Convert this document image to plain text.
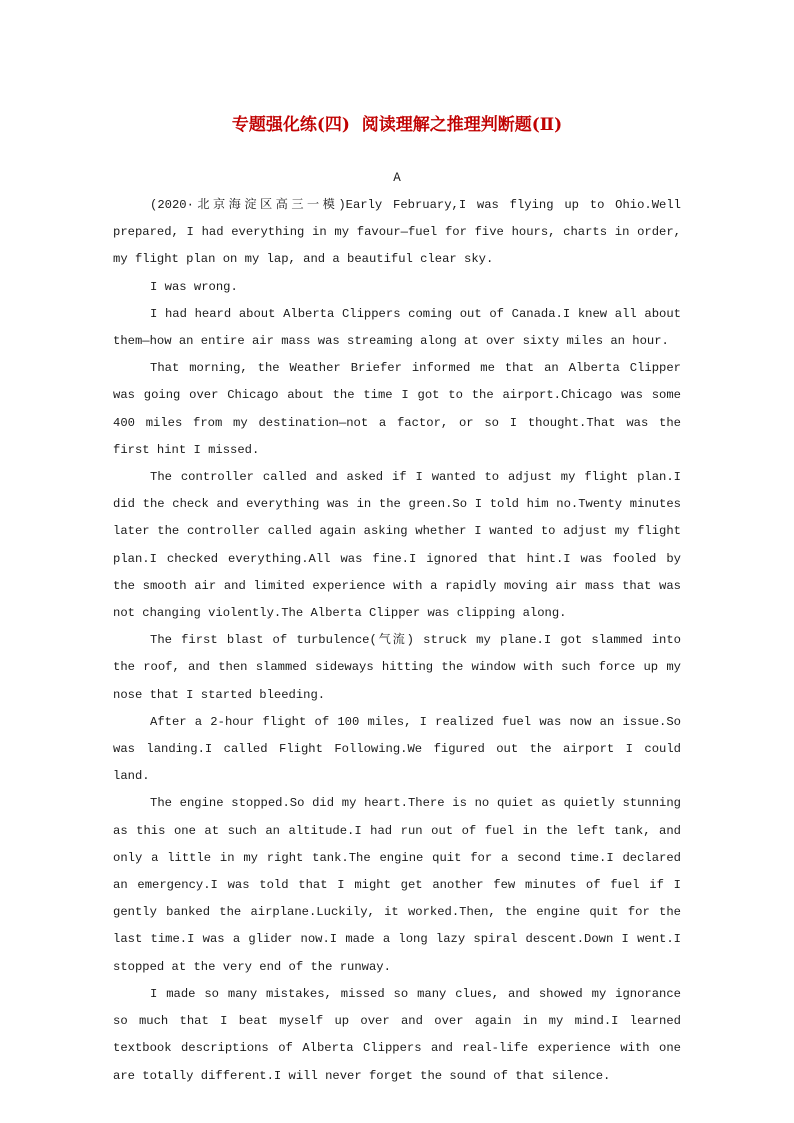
专题强化练(四)  阅读理解之推理判断题(Ⅱ)
A

(2020·北京海淀区高三一模)Early February,I was flying up to Ohio.Well prepared, I had everything in my favour—fuel for five hours, charts in order, my flight plan on my lap, and a beautiful clear sky.

I was wrong.

I had heard about Alberta Clippers coming out of Canada.I knew all about them—how an entire air mass was streaming along at over sixty miles an hour.

That morning, the Weather Briefer informed me that an Alberta Clipper was going over Chicago about the time I got to the airport.Chicago was some 400 miles from my destination—not a factor, or so I thought.That was the first hint I missed.

The controller called and asked if I wanted to adjust my flight plan.I did the check and everything was in the green.So I told him no.Twenty minutes later the controller called again asking whether I wanted to adjust my flight plan.I checked everything.All was fine.I ignored that hint.I was fooled by the smooth air and limited experience with a rapidly moving air mass that was not changing violently.The Alberta Clipper was clipping along.

The first blast of turbulence(气流) struck my plane.I got slammed into the roof, and then slammed sideways hitting the window with such force up my nose that I started bleeding.

After a 2-hour flight of 100 miles, I realized fuel was now an issue.So was landing.I called Flight Following.We figured out the airport I could land.

The engine stopped.So did my heart.There is no quiet as quietly stunning as this one at such an altitude.I had run out of fuel in the left tank, and only a little in my right tank.The engine quit for a second time.I declared an emergency.I was told that I might get another few minutes of fuel if I gently banked the airplane.Luckily, it worked.Then, the engine quit for the last time.I was a glider now.I made a long lazy spiral descent.Down I went.I stopped at the very end of the runway.

I made so many mistakes, missed so many clues, and showed my ignorance so much that I beat myself up over and over again in my mind.I learned textbook descriptions of Alberta Clippers and real-life experience with one are totally different.I will never forget the sound of that silence.
